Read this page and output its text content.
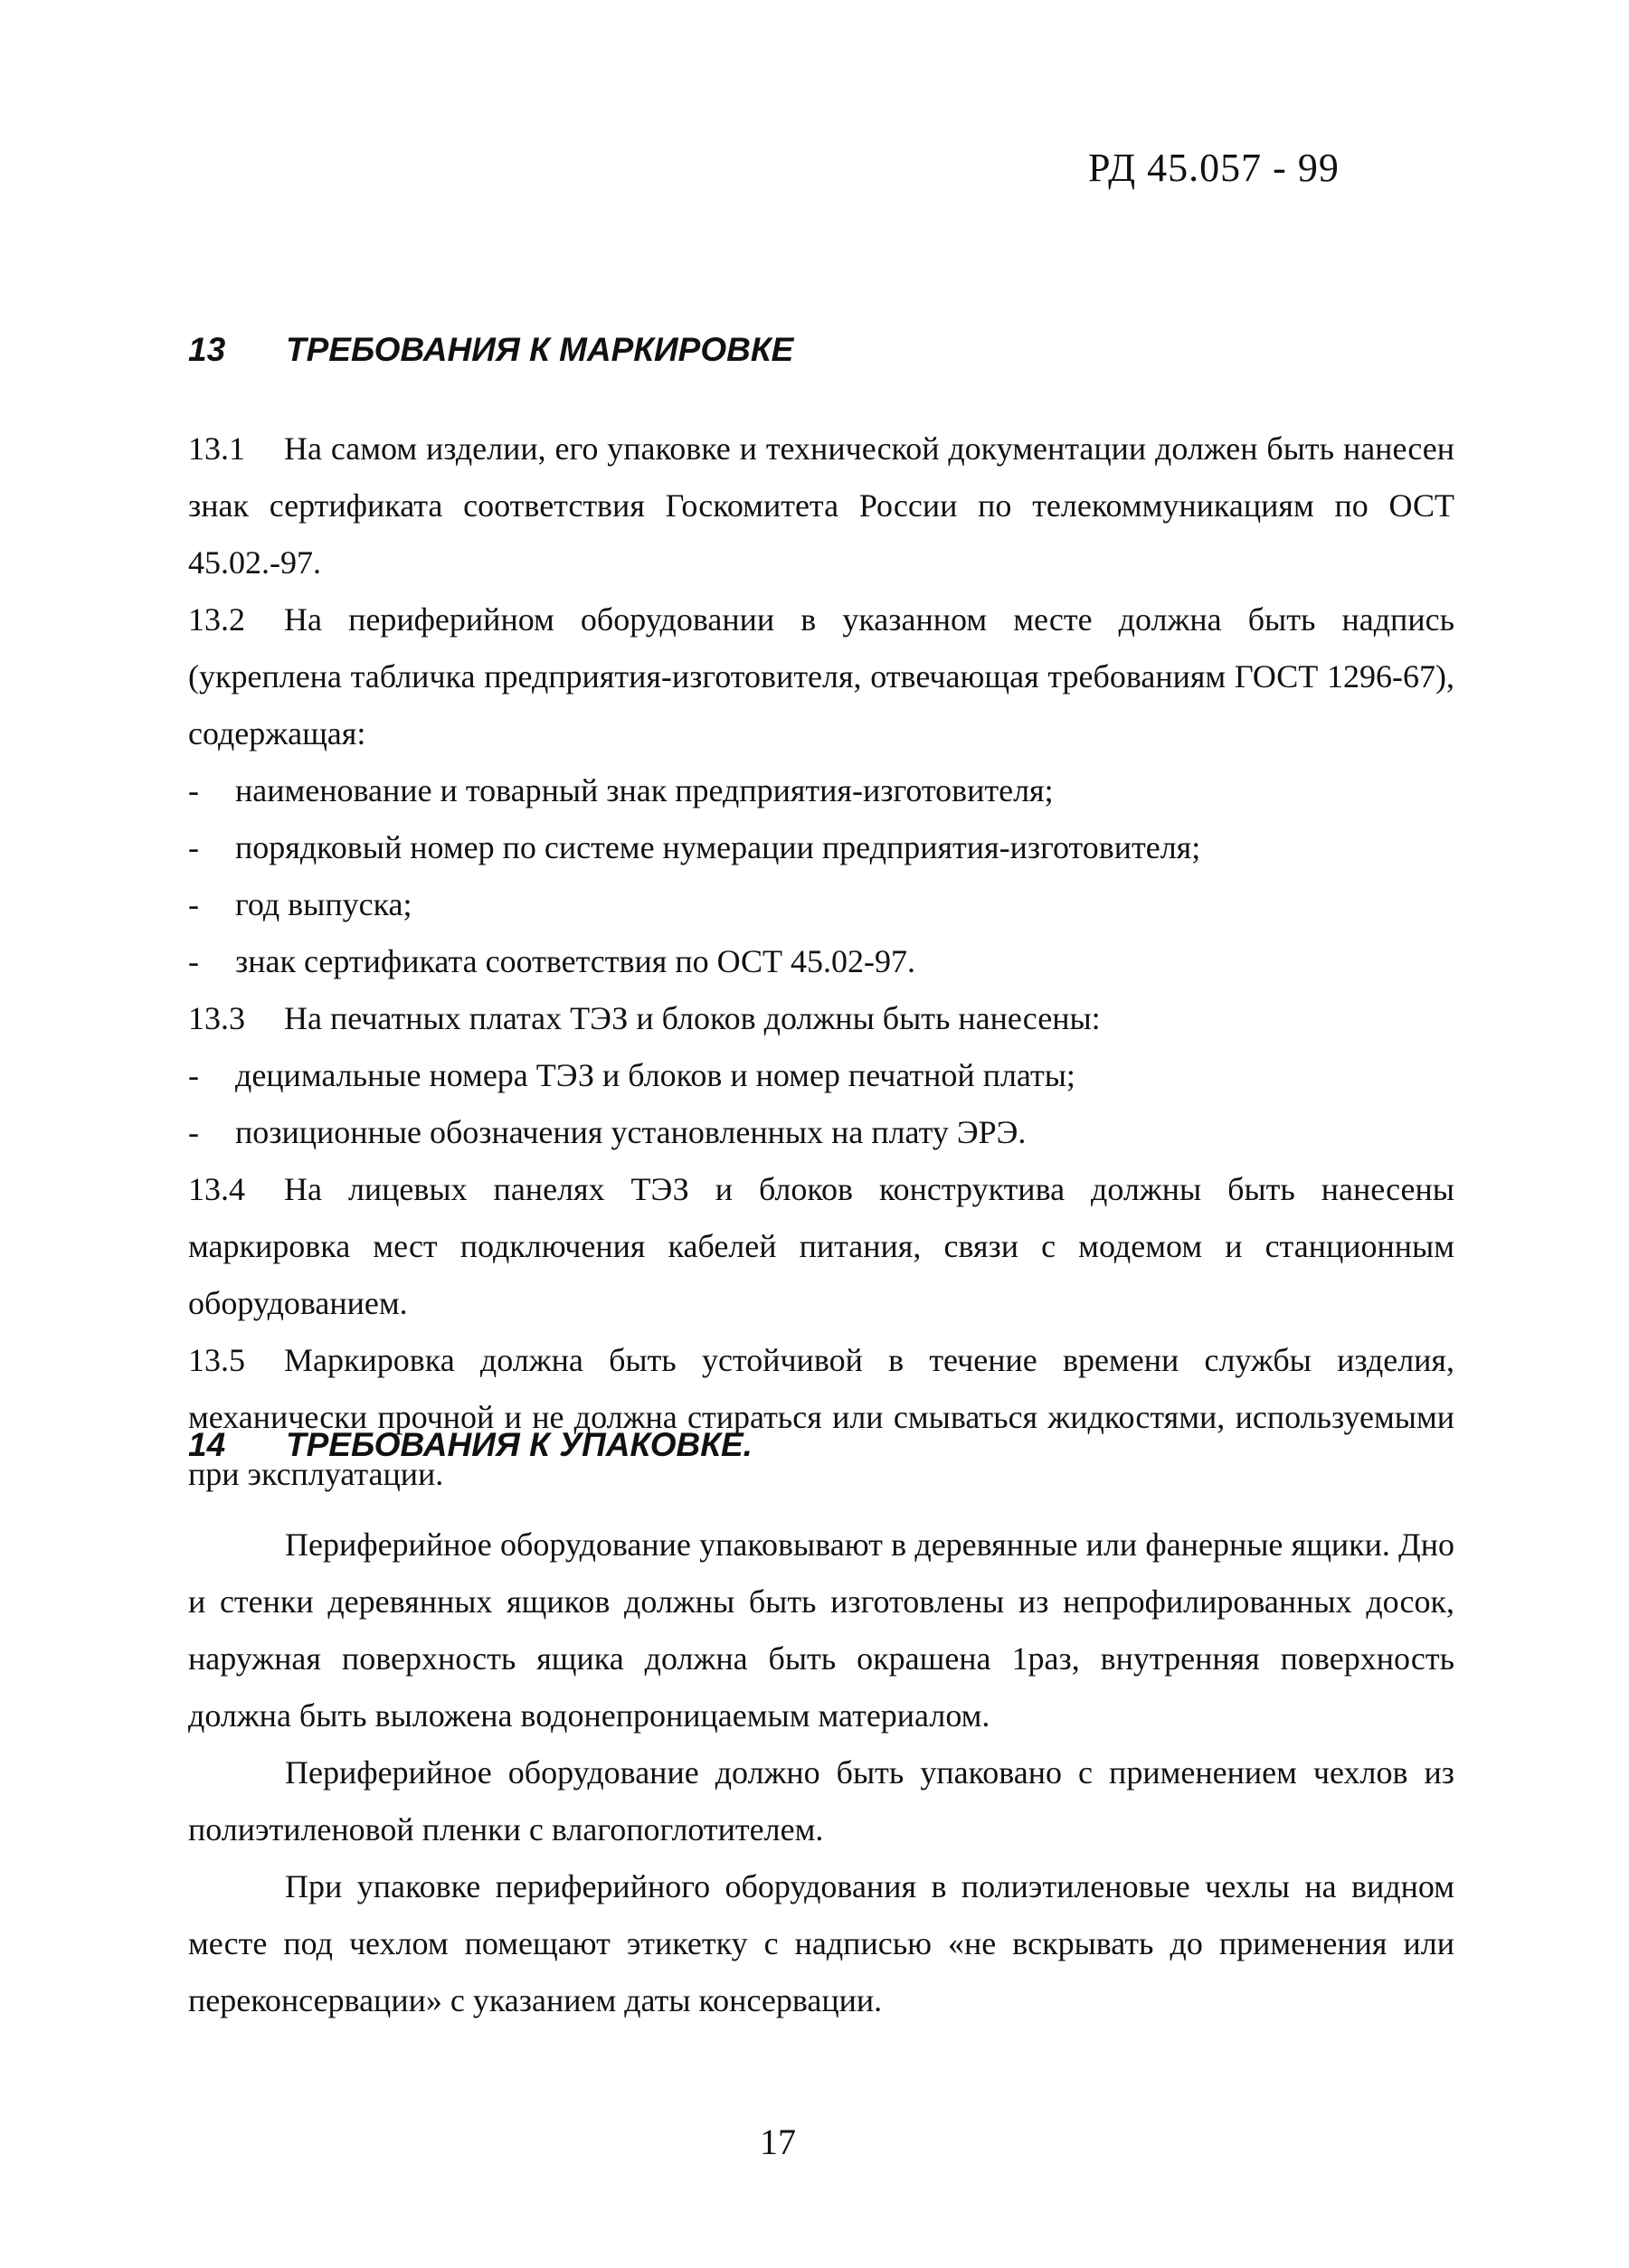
РД 45.057 - 99
13 ТРЕБОВАНИЯ К МАРКИРОВКЕ

13.1 На самом изделии, его упаковке и технической документации должен быть нанесен знак сертификата соответствия Госкомитета России по телекоммуникациям по ОСТ 45.02.-97.

13.2 На периферийном оборудовании в указанном месте должна быть надпись (укреплена табличка предприятия-изготовителя, отвечающая требованиям ГОСТ 1296-67), содержащая:

- наименование и товарный знак предприятия-изготовителя;

- порядковый номер по системе нумерации предприятия-изготовителя;

- год выпуска;

- знак сертификата соответствия по ОСТ 45.02-97.

13.3 На печатных платах ТЭЗ и блоков должны быть нанесены:

- децимальные номера ТЭЗ и блоков и номер печатной платы;

- позиционные обозначения установленных на плату ЭРЭ.

13.4 На лицевых панелях ТЭЗ и блоков конструктива должны быть нанесены маркировка мест подключения кабелей питания, связи с модемом и станционным оборудованием.

13.5 Маркировка должна быть устойчивой в течение времени службы изделия, механически прочной и не должна стираться или смываться жидкостями, используемыми при эксплуатации.

14 ТРЕБОВАНИЯ К УПАКОВКЕ.

Периферийное оборудование упаковывают в деревянные или фанерные ящики. Дно и стенки деревянных ящиков должны быть изготовлены из непрофилированных досок, наружная поверхность ящика должна быть окрашена 1раз, внутренняя поверхность должна быть выложена водонепроницаемым материалом.

Периферийное оборудование должно быть упаковано с применением чехлов из полиэтиленовой пленки с влагопоглотителем.

При упаковке периферийного оборудования в полиэтиленовые чехлы на видном месте под чехлом помещают этикетку с надписью «не вскрывать до применения или переконсервации» с указанием даты консервации.

17
